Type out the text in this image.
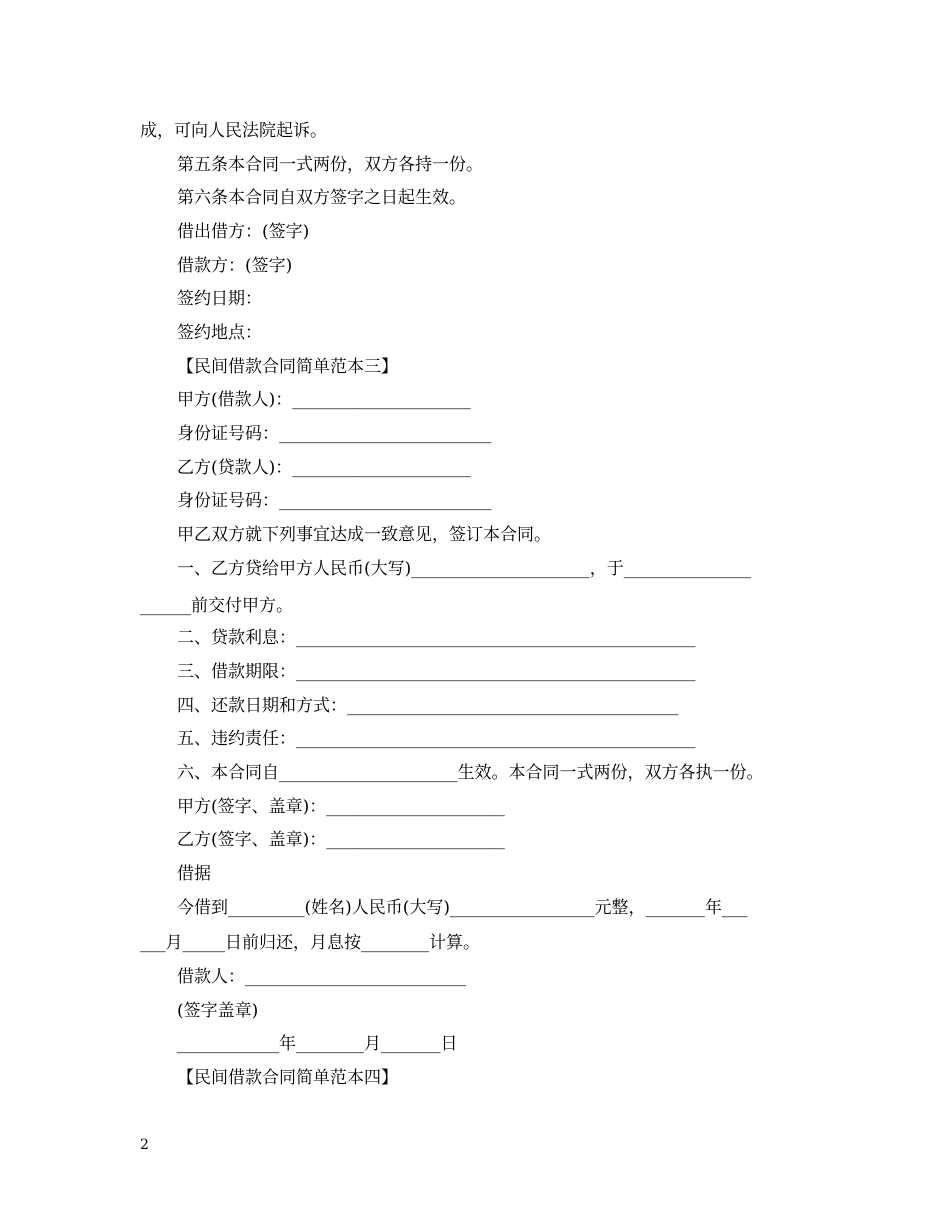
成，可向人民法院起诉。
第五条本合同一式两份，双方各持一份。
第六条本合同自双方签字之日起生效。
借出借方：(签字)
借款方：(签字)
签约日期：
签约地点：
【民间借款合同简单范本三】
甲方(借款人)：_____________________
身份证号码：_________________________
乙方(贷款人)：_____________________
身份证号码：_________________________
甲乙双方就下列事宜达成一致意见，签订本合同。
一、乙方贷给甲方人民币(大写)_____________________，于_______________
______前交付甲方。
二、贷款利息：_______________________________________________
三、借款期限：_______________________________________________
四、还款日期和方式：_______________________________________
五、违约责任：_______________________________________________
六、本合同自_____________________生效。本合同一式两份，双方各执一份。
甲方(签字、盖章)：_____________________
乙方(签字、盖章)：_____________________
借据
今借到_________(姓名)人民币(大写)_________________元整，_______年___
___月_____日前归还，月息按________计算。
借款人：__________________________
(签字盖章)
____________年________月_______日
【民间借款合同简单范本四】
2
